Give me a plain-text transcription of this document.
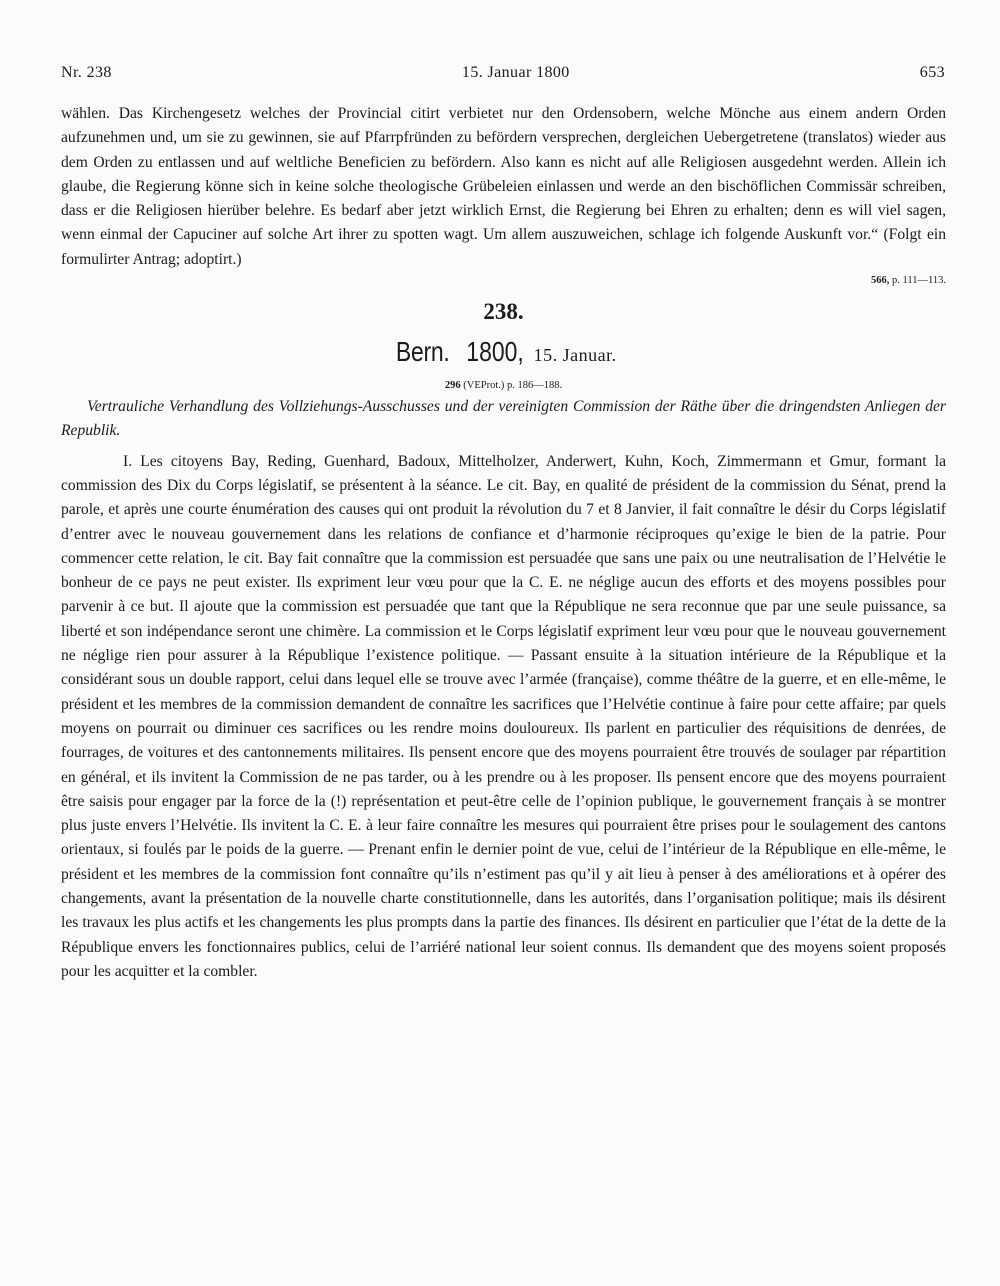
Nr. 238	15. Januar 1800	653

wählen. Das Kirchengesetz welches der Provincial citirt verbietet nur den Ordensobern, welche Mönche aus einem andern Orden aufzunehmen und, um sie zu gewinnen, sie auf Pfarrpfründen zu befördern versprechen, dergleichen Uebergetretene (translatos) wieder aus dem Orden zu entlassen und auf weltliche Beneficien zu befördern. Also kann es nicht auf alle Religiosen ausgedehnt werden. Allein ich glaube, die Regierung könne sich in keine solche theologische Grübeleien einlassen und werde an den bischöflichen Commissär schreiben, dass er die Religiosen hierüber belehre. Es bedarf aber jetzt wirklich Ernst, die Regierung bei Ehren zu erhalten; denn es will viel sagen, wenn einmal der Capuciner auf solche Art ihrer zu spotten wagt. Um allem auszuweichen, schlage ich folgende Auskunft vor.“ (Folgt ein formulirter Antrag; adoptirt.)

566, p. 111—113.

238.

Bern. 1800, 15. Januar.

296 (VEProt.) p. 186—188.

Vertrauliche Verhandlung des Vollziehungs-Ausschusses und der vereinigten Commission der Räthe über die dringendsten Anliegen der Republik.

I. Les citoyens Bay, Reding, Guenhard, Badoux, Mittelholzer, Anderwert, Kuhn, Koch, Zimmermann et Gmur, formant la commission des Dix du Corps législatif, se présentent à la séance. Le cit. Bay, en qualité de président de la commission du Sénat, prend la parole, et après une courte énumération des causes qui ont produit la révolution du 7 et 8 Janvier, il fait connaître le désir du Corps législatif d’entrer avec le nouveau gouvernement dans les relations de confiance et d’harmonie réciproques qu’exige le bien de la patrie. Pour commencer cette relation, le cit. Bay fait connaître que la commission est persuadée que sans une paix ou une neutralisation de l’Helvétie le bonheur de ce pays ne peut exister. Ils expriment leur vœu pour que la C. E. ne néglige aucun des efforts et des moyens possibles pour parvenir à ce but. Il ajoute que la commission est persuadée que tant que la République ne sera reconnue que par une seule puissance, sa liberté et son indépendance seront une chimère. La commission et le Corps législatif expriment leur vœu pour que le nouveau gouvernement ne néglige rien pour assurer à la République l’existence politique. — Passant ensuite à la situation intérieure de la République et la considérant sous un double rapport, celui dans lequel elle se trouve avec l’armée (française), comme théâtre de la guerre, et en elle-même, le président et les membres de la commission demandent de connaître les sacrifices que l’Helvétie continue à faire pour cette affaire; par quels moyens on pourrait ou diminuer ces sacrifices ou les rendre moins douloureux. Ils parlent en particulier des réquisitions de denrées, de fourrages, de voitures et des cantonnements militaires. Ils pensent encore que des moyens pourraient être trouvés de soulager par répartition en général, et ils invitent la Commission de ne pas tarder, ou à les prendre ou à les proposer. Ils pensent encore que des moyens pourraient être saisis pour engager par la force de la (!) représentation et peut-être celle de l’opinion publique, le gouvernement français à se montrer plus juste envers l’Helvétie. Ils invitent la C. E. à leur faire connaître les mesures qui pourraient être prises pour le soulagement des cantons orientaux, si foulés par le poids de la guerre. — Prenant enfin le dernier point de vue, celui de l’intérieur de la République en elle-même, le président et les membres de la commission font connaître qu’ils n’estiment pas qu’il y ait lieu à penser à des améliorations et à opérer des changements, avant la présentation de la nouvelle charte constitutionnelle, dans les autorités, dans l’organisation politique; mais ils désirent les travaux les plus actifs et les changements les plus prompts dans la partie des finances. Ils désirent en particulier que l’état de la dette de la République envers les fonctionnaires publics, celui de l’arriéré national leur soient connus. Ils demandent que des moyens soient proposés pour les acquitter et la combler.
